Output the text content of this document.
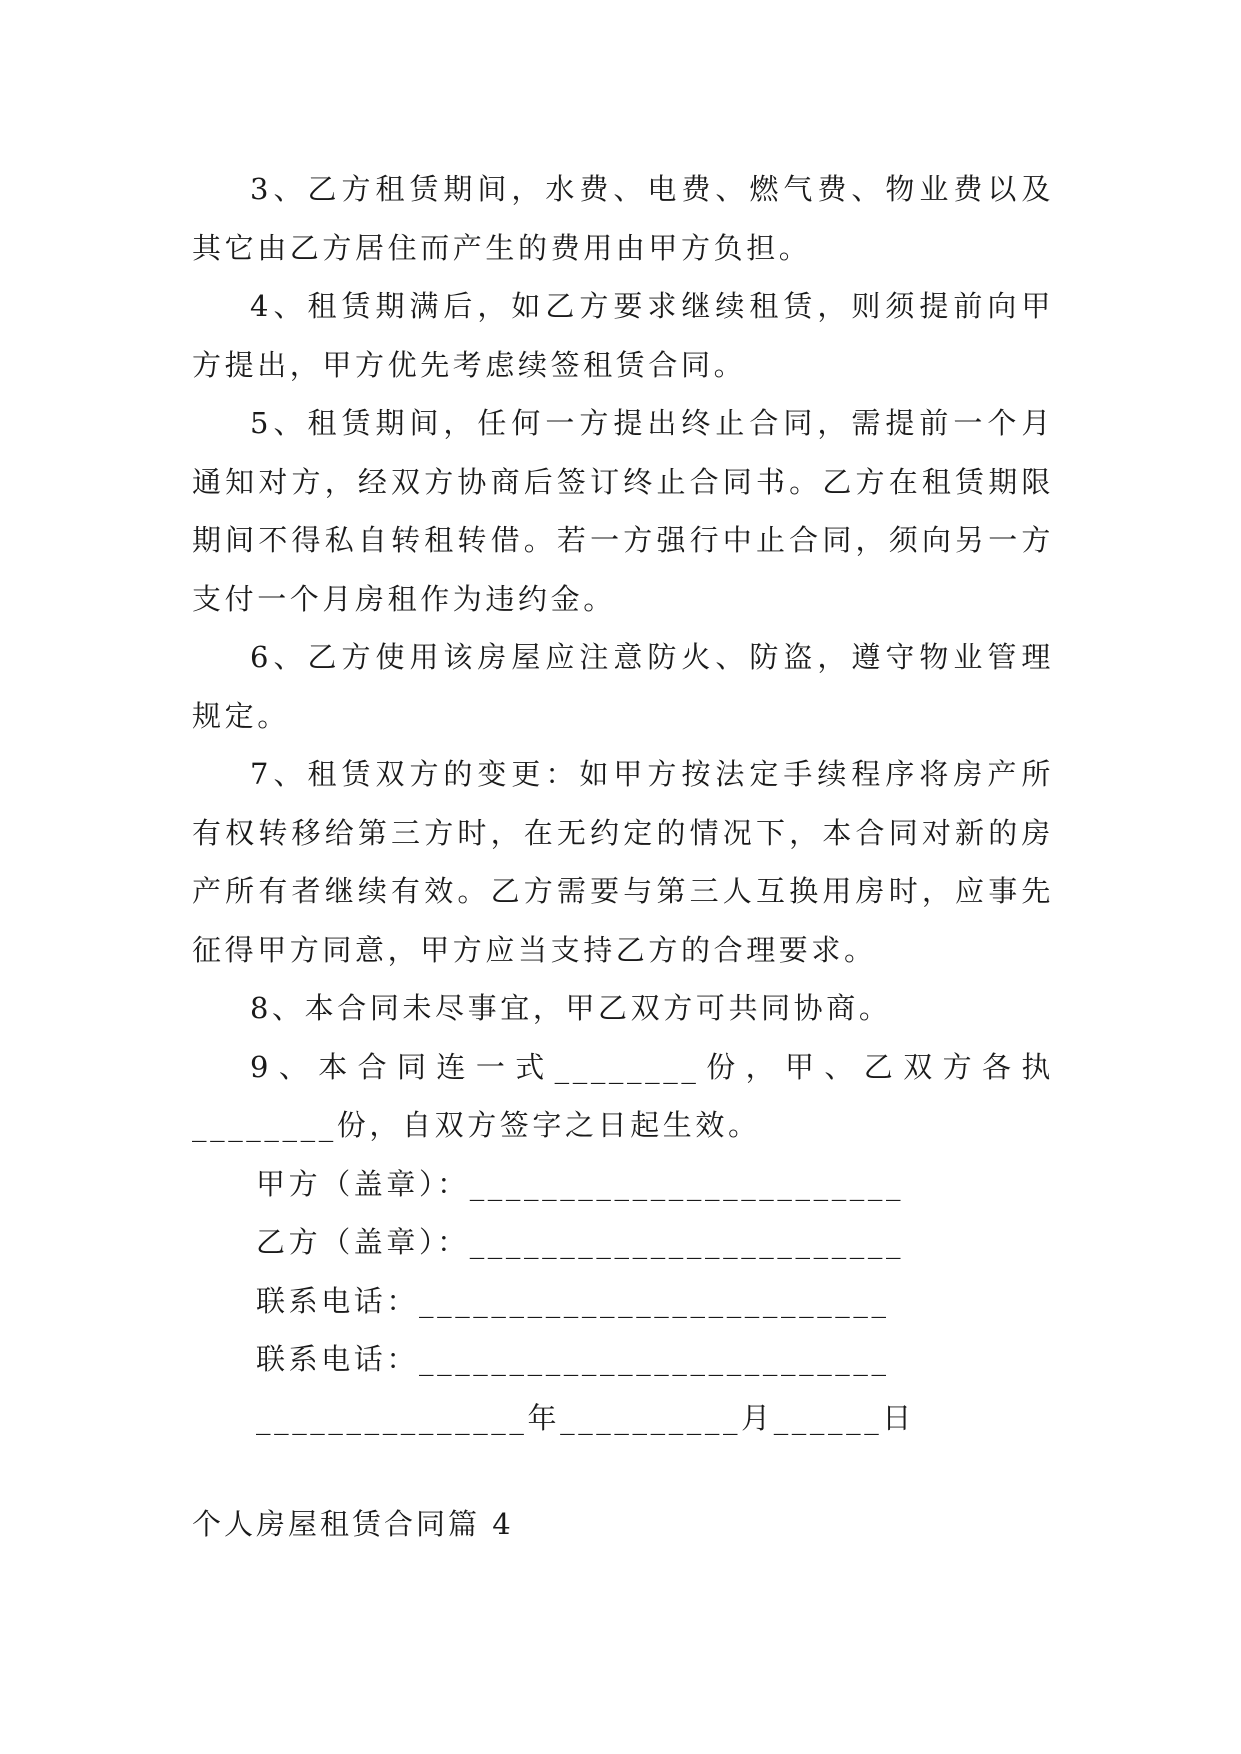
3、乙方租赁期间，水费、电费、燃气费、物业费以及其它由乙方居住而产生的费用由甲方负担。

4、租赁期满后，如乙方要求继续租赁，则须提前向甲方提出，甲方优先考虑续签租赁合同。

5、租赁期间，任何一方提出终止合同，需提前一个月通知对方，经双方协商后签订终止合同书。乙方在租赁期限期间不得私自转租转借。若一方强行中止合同，须向另一方支付一个月房租作为违约金。

6、乙方使用该房屋应注意防火、防盗，遵守物业管理规定。

7、租赁双方的变更：如甲方按法定手续程序将房产所有权转移给第三方时，在无约定的情况下，本合同对新的房产所有者继续有效。乙方需要与第三人互换用房时，应事先征得甲方同意，甲方应当支持乙方的合理要求。

8、本合同未尽事宜，甲乙双方可共同协商。

9、本合同连一式________份，甲、乙双方各执________份，自双方签字之日起生效。

甲方（盖章）：________________________

乙方（盖章）：________________________

联系电话：__________________________

联系电话：__________________________

_______________年__________月______日

个人房屋租赁合同篇 4
